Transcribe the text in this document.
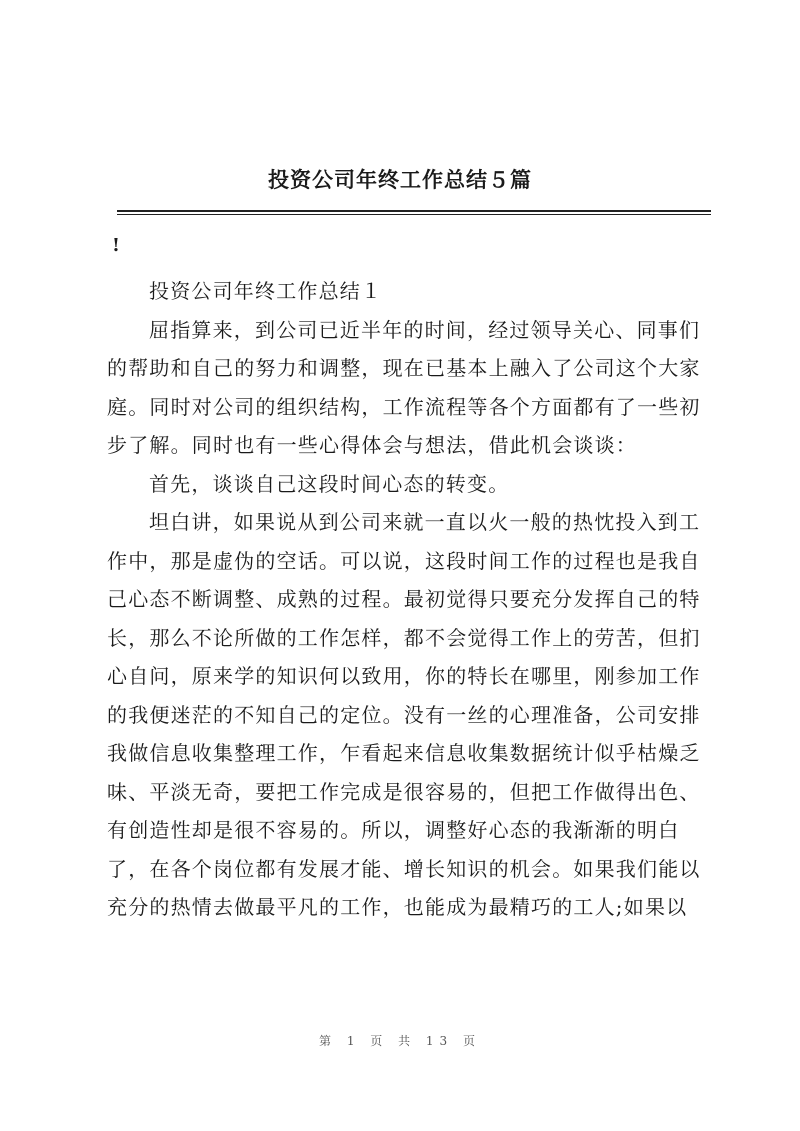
投资公司年终工作总结５篇
!
投资公司年终工作总结１
屈指算来，到公司已近半年的时间，经过领导关心、同事们
的帮助和自己的努力和调整，现在已基本上融入了公司这个大家
庭。同时对公司的组织结构，工作流程等各个方面都有了一些初
步了解。同时也有一些心得体会与想法，借此机会谈谈：
首先，谈谈自己这段时间心态的转变。
坦白讲，如果说从到公司来就一直以火一般的热忱投入到工
作中，那是虚伪的空话。可以说，这段时间工作的过程也是我自
己心态不断调整、成熟的过程。最初觉得只要充分发挥自己的特
长，那么不论所做的工作怎样，都不会觉得工作上的劳苦，但扪
心自问，原来学的知识何以致用，你的特长在哪里，刚参加工作
的我便迷茫的不知自己的定位。没有一丝的心理准备，公司安排
我做信息收集整理工作，乍看起来信息收集数据统计似乎枯燥乏
味、平淡无奇，要把工作完成是很容易的，但把工作做得出色、
有创造性却是很不容易的。所以，调整好心态的我渐渐的明白
了，在各个岗位都有发展才能、增长知识的机会。如果我们能以
充分的热情去做最平凡的工作，也能成为最精巧的工人;如果以
第 1 页 共 13 页
